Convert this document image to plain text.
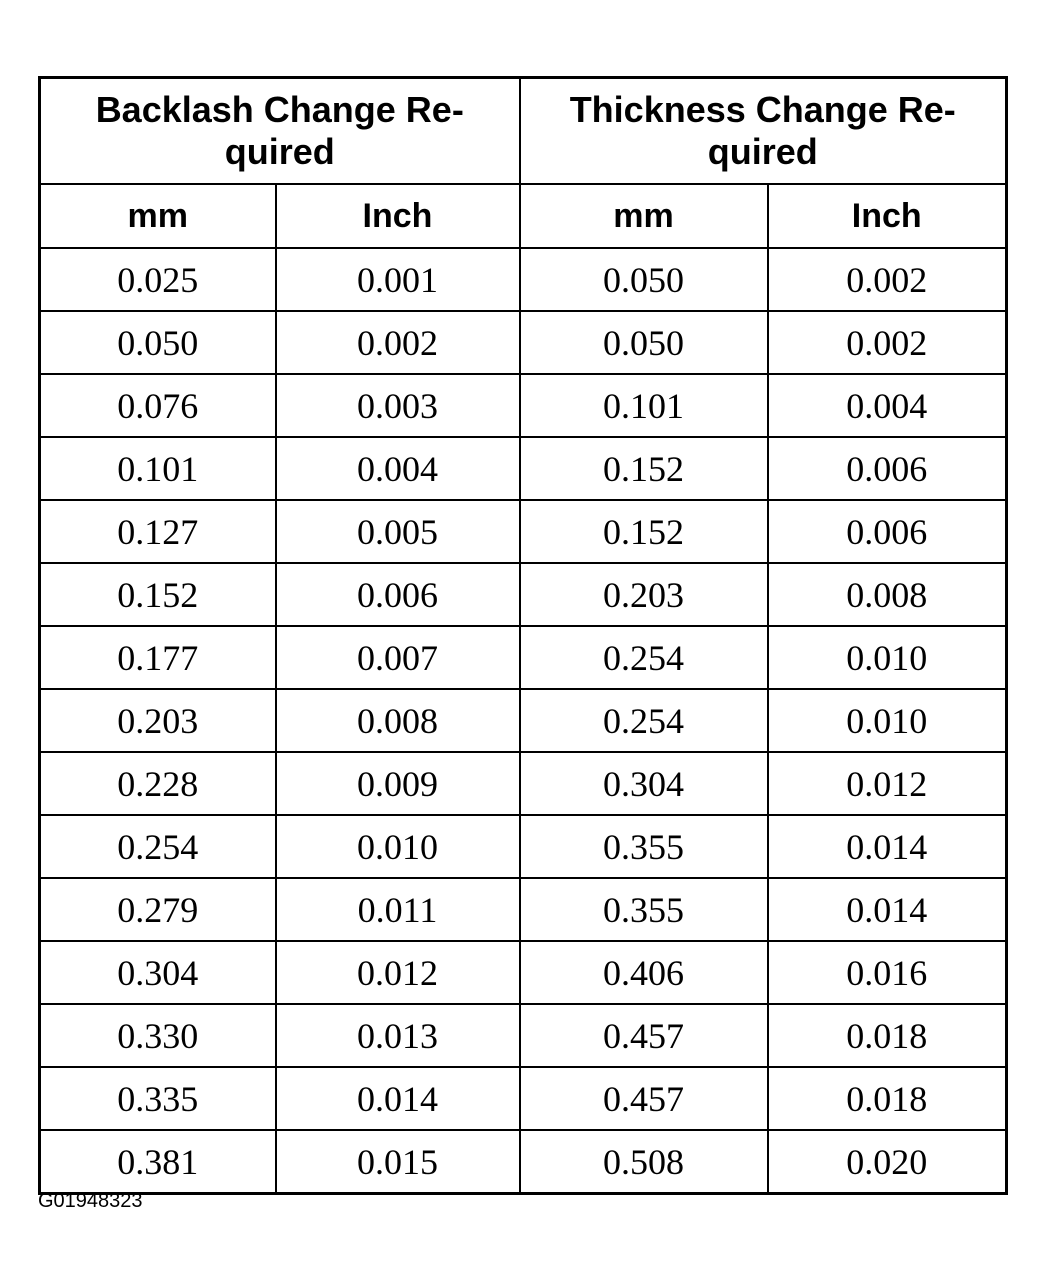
Backlash Change Re-quired		Thickness Change Re-quired	
mm	Inch	mm	Inch
0.025	0.001	0.050	0.002
0.050	0.002	0.050	0.002
0.076	0.003	0.101	0.004
0.101	0.004	0.152	0.006
0.127	0.005	0.152	0.006
0.152	0.006	0.203	0.008
0.177	0.007	0.254	0.010
0.203	0.008	0.254	0.010
0.228	0.009	0.304	0.012
0.254	0.010	0.355	0.014
0.279	0.011	0.355	0.014
0.304	0.012	0.406	0.016
0.330	0.013	0.457	0.018
0.335	0.014	0.457	0.018
0.381	0.015	0.508	0.020
G01948323
